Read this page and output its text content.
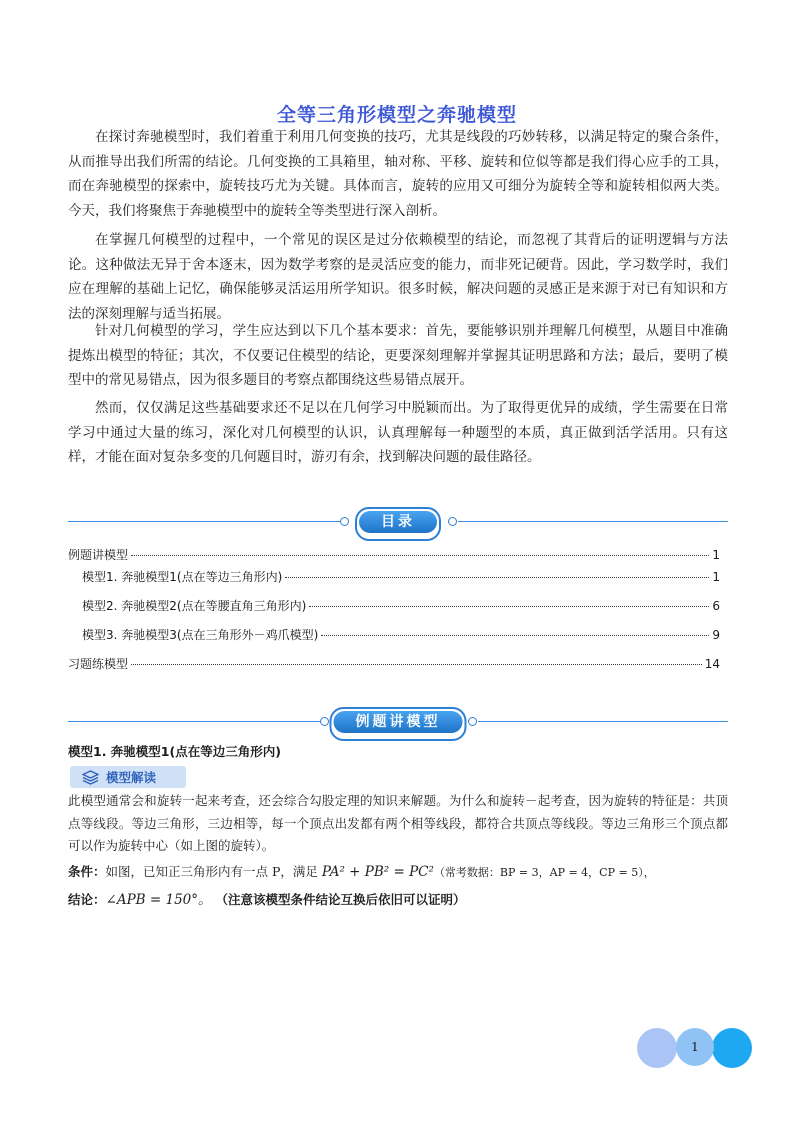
全等三角形模型之奔驰模型

在探讨奔驰模型时，我们着重于利用几何变换的技巧，尤其是线段的巧妙转移，以满足特定的聚合条件，从而推导出我们所需的结论。几何变换的工具箱里，轴对称、平移、旋转和位似等都是我们得心应手的工具，而在奔驰模型的探索中，旋转技巧尤为关键。具体而言，旋转的应用又可细分为旋转全等和旋转相似两大类。今天，我们将聚焦于奔驰模型中的旋转全等类型进行深入剖析。

在掌握几何模型的过程中，一个常见的误区是过分依赖模型的结论，而忽视了其背后的证明逻辑与方法论。这种做法无异于舍本逐末，因为数学考察的是灵活应变的能力，而非死记硬背。因此，学习数学时，我们应在理解的基础上记忆，确保能够灵活运用所学知识。很多时候，解决问题的灵感正是来源于对已有知识和方法的深刻理解与适当拓展。

针对几何模型的学习，学生应达到以下几个基本要求：首先，要能够识别并理解几何模型，从题目中准确提炼出模型的特征；其次，不仅要记住模型的结论，更要深刻理解并掌握其证明思路和方法；最后，要明了模型中的常见易错点，因为很多题目的考察点都围绕这些易错点展开。

然而，仅仅满足这些基础要求还不足以在几何学习中脱颖而出。为了取得更优异的成绩，学生需要在日常学习中通过大量的练习，深化对几何模型的认识，认真理解每一种题型的本质，真正做到活学活用。只有这样，才能在面对复杂多变的几何题目时，游刃有余，找到解决问题的最佳路径。

目录
例题讲模型	1
模型1. 奔驰模型1(点在等边三角形内)	1
模型2. 奔驰模型2(点在等腰直角三角形内)	6
模型3. 奔驰模型3(点在三角形外－鸡爪模型)	9
习题练模型	14
例题讲模型
模型1. 奔驰模型1(点在等边三角形内)
模型解读

此模型通常会和旋转一起来考查，还会综合勾股定理的知识来解题。为什么和旋转－起考查，因为旋转的特征是：共顶点等线段。等边三角形，三边相等，每一个顶点出发都有两个相等线段，都符合共顶点等线段。等边三角形三个顶点都可以作为旋转中心（如上图的旋转）。

条件：如图，已知正三角形内有一点 P，满足 PA² + PB² = PC²（常考数据：BP = 3，AP = 4，CP = 5），
结论：∠APB = 150°。 （注意该模型条件结论互换后依旧可以证明）
1
